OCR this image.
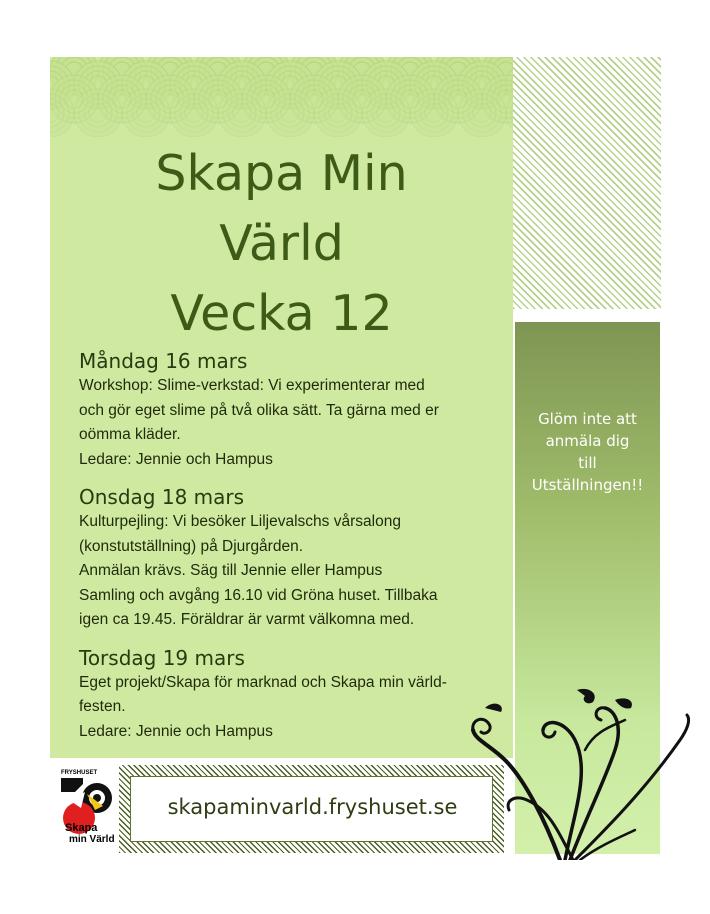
Skapa Min
Värld
Vecka 12
Måndag 16 mars
Workshop: Slime-verkstad: Vi experimenterar med
och gör eget slime på två olika sätt. Ta gärna med er
oömma kläder.
Ledare: Jennie och Hampus
Onsdag 18 mars
Kulturpejling: Vi besöker Liljevalschs vårsalong
(konstutställning) på Djurgården.
Anmälan krävs. Säg till Jennie eller Hampus
Samling och avgång 16.10 vid Gröna huset. Tillbaka
igen ca 19.45. Föräldrar är varmt välkomna med.
Torsdag 19 mars
Eget projekt/Skapa för marknad och Skapa min värld-
festen.
Ledare: Jennie och Hampus
Glöm inte att
anmäla dig
till
Utställningen!!
FRYSHUSET
Skapa
min Värld
skapaminvarld.fryshuset.se
